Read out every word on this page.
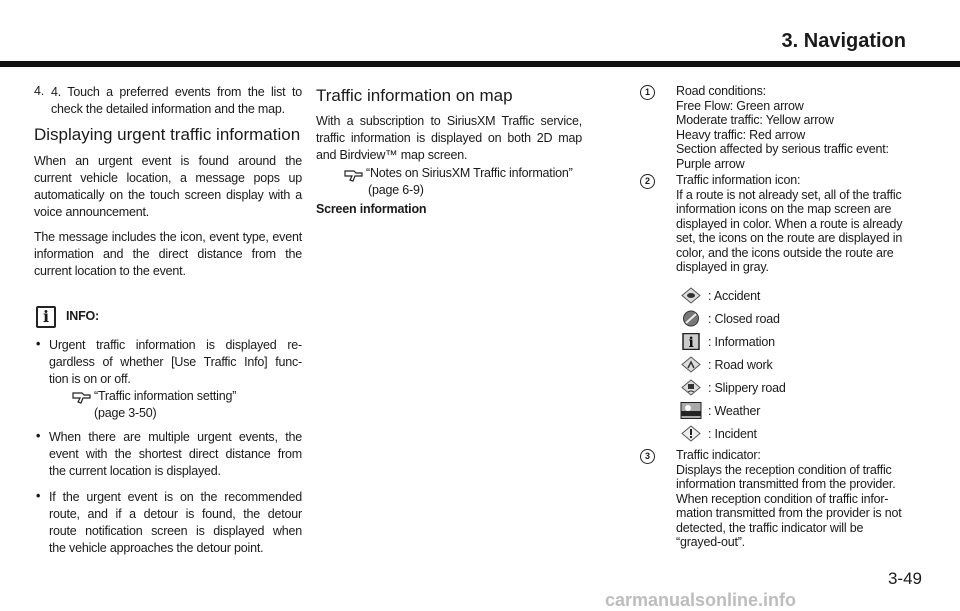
3. Navigation
4. 4. Touch a preferred events from the list to
check the detailed information and the map.
Displaying urgent traffic information
When an urgent event is found around the
current vehicle location, a message pops up
automatically on the touch screen display with a
voice announcement.
The message includes the icon, event type, event
information and the direct distance from the
current location to the event.
i	INFO:
• Urgent traffic information is displayed re-
gardless of whether [Use Traffic Info] func-
tion is on or off.
“Traffic information setting”
(page 3-50)
• When there are multiple urgent events, the
event with the shortest direct distance from
the current location is displayed.
• If the urgent event is on the recommended
route, and if a detour is found, the detour
route notification screen is displayed when
the vehicle approaches the detour point.
Traffic information on map
With a subscription to SiriusXM Traffic service,
traffic information is displayed on both 2D map
and Birdview™ map screen.
“Notes on SiriusXM Traffic information”
(page 6-9)
Screen information
1	Road conditions:
Free Flow: Green arrow
Moderate traffic: Yellow arrow
Heavy traffic: Red arrow
Section affected by serious traffic event:
Purple arrow
2	Traffic information icon:
If a route is not already set, all of the traffic
information icons on the map screen are
displayed in color. When a route is already
set, the icons on the route are displayed in
color, and the icons outside the route are
displayed in gray.
: Accident
: Closed road
i : Information
: Road work
: Slippery road
: Weather
: Incident
3	Traffic indicator:
Displays the reception condition of traffic
information transmitted from the provider.
When reception condition of traffic infor-
mation transmitted from the provider is not
detected, the traffic indicator will be
“grayed-out”.
3-49
carmanualsonline.info
